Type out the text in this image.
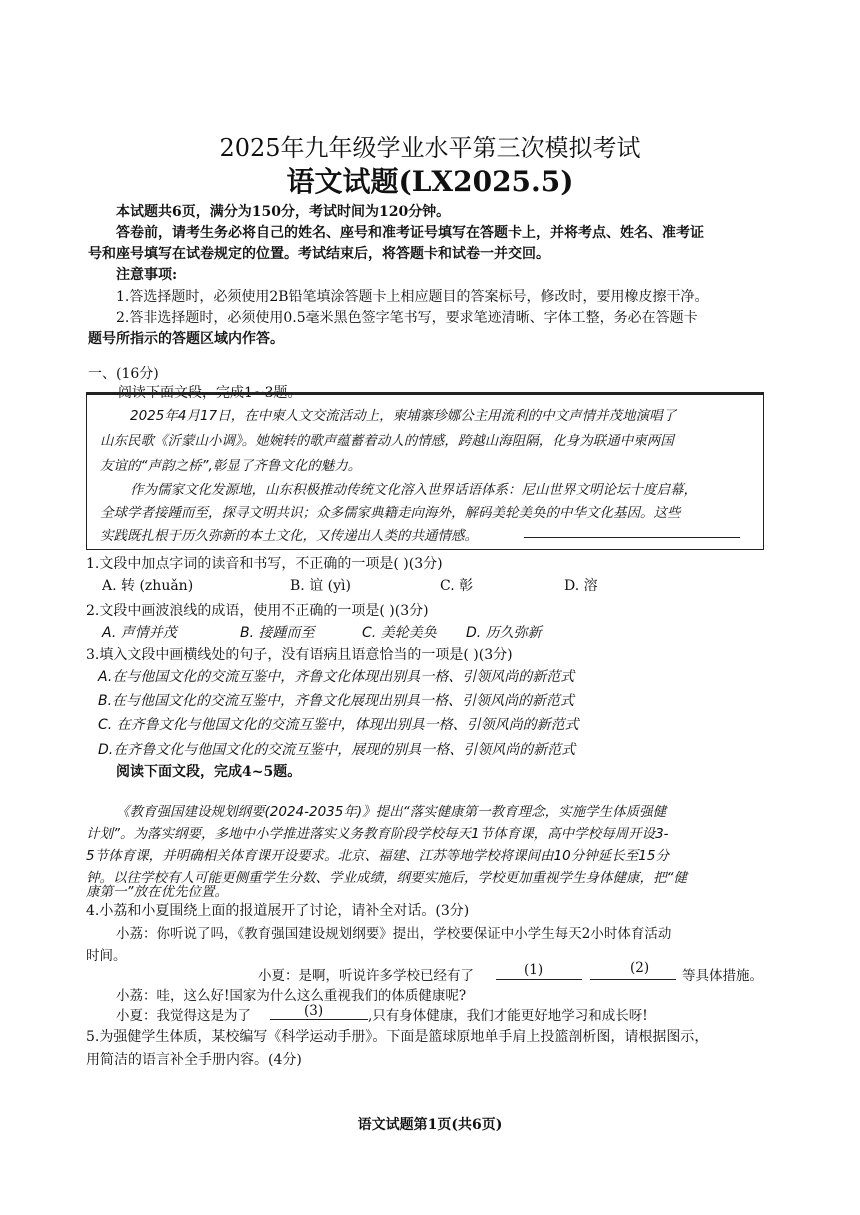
2025年九年级学业水平第三次模拟考试
语文试题(LX2025.5)
本试题共6页，满分为150分，考试时间为120分钟。
答卷前，请考生务必将自己的姓名、座号和准考证号填写在答题卡上，并将考点、姓名、准考证
号和座号填写在试卷规定的位置。考试结束后，将答题卡和试卷一并交回。
注意事项:
1.答选择题时，必须使用2B铅笔填涂答题卡上相应题目的答案标号，修改时，要用橡皮擦干净。
2.答非选择题时，必须使用0.5毫米黑色签字笔书写，要求笔迹清晰、字体工整，务必在答题卡
题号所指示的答题区域内作答。
一、(16分)
阅读下面文段，完成1~3题。
2025年4月17日，在中柬人文交流活动上，柬埔寨珍娜公主用流利的中文声情并茂地演唱了
山东民歌《沂蒙山小调》。她婉转的歌声蕴蓄着动人的情感，跨越山海阻隔，化身为联通中柬两国
友谊的“声韵之桥”,彰显了齐鲁文化的魅力。
作为儒家文化发源地，山东积极推动传统文化溶入世界话语体系：尼山世界文明论坛十度启幕，
全球学者接踵而至，探寻文明共识；众多儒家典籍走向海外，解码美轮美奂的中华文化基因。这些
实践既扎根于历久弥新的本土文化，又传递出人类的共通情感。
1.文段中加点字词的读音和书写，不正确的一项是( )(3分)
A. 转 (zhuǎn)	B. 谊 (yì)	C. 彰	D. 溶
2.文段中画波浪线的成语，使用不正确的一项是( )(3分)
A. 声情并茂	B. 接踵而至	C. 美轮美奂 D. 历久弥新
3.填入文段中画横线处的句子，没有语病且语意恰当的一项是( )(3分)
A.在与他国文化的交流互鉴中，齐鲁文化体现出别具一格、引领风尚的新范式
B.在与他国文化的交流互鉴中，齐鲁文化展现出别具一格、引领风尚的新范式
C. 在齐鲁文化与他国文化的交流互鉴中，体现出别具一格、引领风尚的新范式
D.在齐鲁文化与他国文化的交流互鉴中，展现的别具一格、引领风尚的新范式
阅读下面文段，完成4~5题。
《教育强国建设规划纲要(2024-2035年)》提出“落实健康第一教育理念，实施学生体质强健
计划”。为落实纲要，多地中小学推进落实义务教育阶段学校每天1节体育课，高中学校每周开设3-
5节体育课，并明确相关体育课开设要求。北京、福建、江苏等地学校将课间由10分钟延长至15分
钟。以往学校有人可能更侧重学生分数、学业成绩，纲要实施后，学校更加重视学生身体健康，把“健
康第一”放在优先位置。
4.小荔和小夏围绕上面的报道展开了讨论，请补全对话。(3分)
小荔：你听说了吗，《教育强国建设规划纲要》提出，学校要保证中小学生每天2小时体育活动
时间。
小夏：是啊，听说许多学校已经有了	(1)	(2) 等具体措施。
小荔：哇，这么好!国家为什么这么重视我们的体质健康呢?
小夏：我觉得这是为了	(3)	,只有身体健康，我们才能更好地学习和成长呀!
5.为强健学生体质，某校编写《科学运动手册》。下面是篮球原地单手肩上投篮剖析图，请根据图示，
用简洁的语言补全手册内容。(4分)
语文试题第1页(共6页)
